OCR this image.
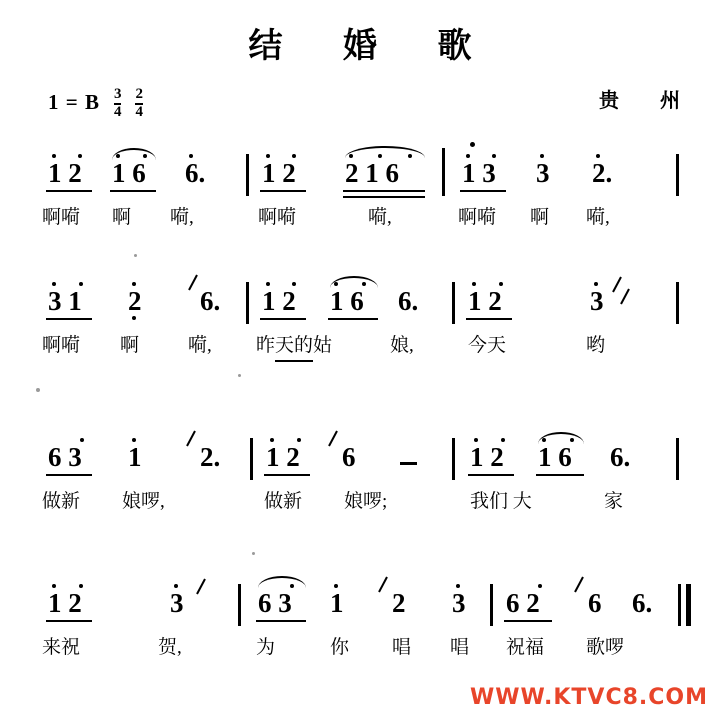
结 婚 歌
1 = B $\frac{3}{4} \frac{2}{4}$	贵 州
1 2 1 6 6. 1 2 2 1 6 1 3 3 2.
啊嗬 啊 嗬,	啊嗬	嗬,	啊嗬 啊 嗬,
3 1 2 6. 1 2 1 6 6. 1 2	3
啊嗬 啊	嗬, 昨天的姑	娘,	今天	哟
6 3 1 2. 1 2 6	1 2 1 6 6.
做新 娘啰,	做新 娘啰;	我们 大	家
1 2	3	6 3 1 2 3 6 2 6 6.
来祝	贺,	为	你 唱 唱 祝福 歌啰
WWW.KTVC8.COM
